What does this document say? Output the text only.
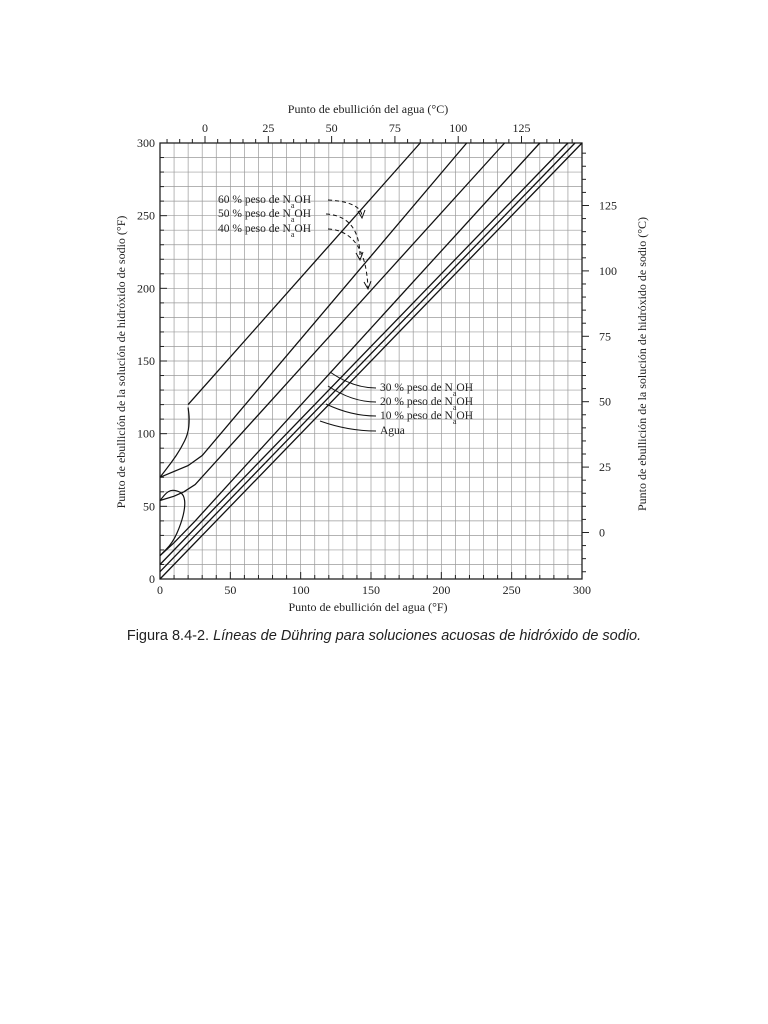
0	50	100	150	200	250	300
0
50
100
150
200
250
300
0	25	50	75	100	125
0
25
50
75
100
125
60 % peso de $N_aOH$
50 % peso de $N_aOH$
40 % peso de $N_aOH$
30 % peso de $N_aOH$
20 % peso de $N_aOH$
10 % peso de $N_aOH$
Agua
Punto de ebullición del agua (°F)
Punto de ebullición del agua (°C)
Punto de ebullición de la solución de hidróxido de sodio (°F)	Punto de ebullición de la solución de hidróxido de sodio (°C)
Figura 8.4-2. Líneas de Dühring para soluciones acuosas de hidróxido de sodio.
